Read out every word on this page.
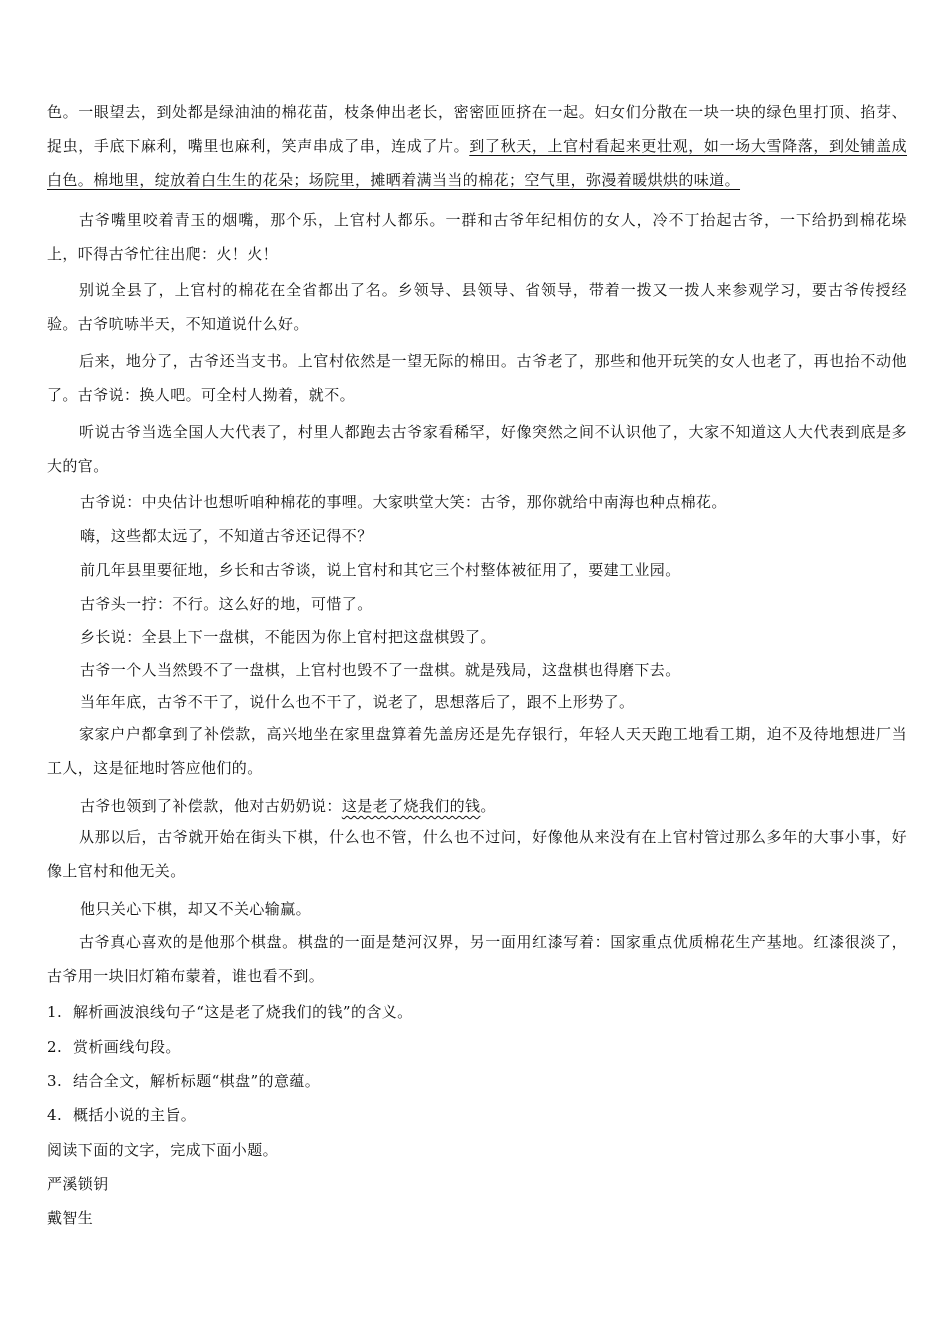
色。一眼望去，到处都是绿油油的棉花苗，枝条伸出老长，密密匝匝挤在一起。妇女们分散在一块一块的绿色里打顶、掐芽、捉虫，手底下麻利，嘴里也麻利，笑声串成了串，连成了片。到了秋天，上官村看起来更壮观，如一场大雪降落，到处铺盖成白色。棉地里，绽放着白生生的花朵；场院里，摊晒着满当当的棉花；空气里，弥漫着暖烘烘的味道。

古爷嘴里咬着青玉的烟嘴，那个乐，上官村人都乐。一群和古爷年纪相仿的女人，冷不丁抬起古爷，一下给扔到棉花垛上，吓得古爷忙往出爬：火！火！

别说全县了，上官村的棉花在全省都出了名。乡领导、县领导、省领导，带着一拨又一拨人来参观学习，要古爷传授经验。古爷吭哧半天，不知道说什么好。

后来，地分了，古爷还当支书。上官村依然是一望无际的棉田。古爷老了，那些和他开玩笑的女人也老了，再也抬不动他了。古爷说：换人吧。可全村人拗着，就不。

听说古爷当选全国人大代表了，村里人都跑去古爷家看稀罕，好像突然之间不认识他了，大家不知道这人大代表到底是多大的官。

古爷说：中央估计也想听咱种棉花的事哩。大家哄堂大笑：古爷，那你就给中南海也种点棉花。

嗨，这些都太远了，不知道古爷还记得不？

前几年县里要征地，乡长和古爷谈，说上官村和其它三个村整体被征用了，要建工业园。

古爷头一拧：不行。这么好的地，可惜了。

乡长说：全县上下一盘棋，不能因为你上官村把这盘棋毁了。

古爷一个人当然毁不了一盘棋，上官村也毁不了一盘棋。就是残局，这盘棋也得磨下去。

当年年底，古爷不干了，说什么也不干了，说老了，思想落后了，跟不上形势了。

家家户户都拿到了补偿款，高兴地坐在家里盘算着先盖房还是先存银行，年轻人天天跑工地看工期，迫不及待地想进厂当工人，这是征地时答应他们的。

古爷也领到了补偿款，他对古奶奶说：这是老了烧我们的钱。

从那以后，古爷就开始在街头下棋，什么也不管，什么也不过问，好像他从来没有在上官村管过那么多年的大事小事，好像上官村和他无关。

他只关心下棋，却又不关心输赢。

古爷真心喜欢的是他那个棋盘。棋盘的一面是楚河汉界，另一面用红漆写着：国家重点优质棉花生产基地。红漆很淡了，古爷用一块旧灯箱布蒙着，谁也看不到。

1. 解析画波浪线句子“这是老了烧我们的钱”的含义。

2. 赏析画线句段。

3. 结合全文，解析标题“棋盘”的意蕴。

4. 概括小说的主旨。

阅读下面的文字，完成下面小题。

严溪锁钥

戴智生
